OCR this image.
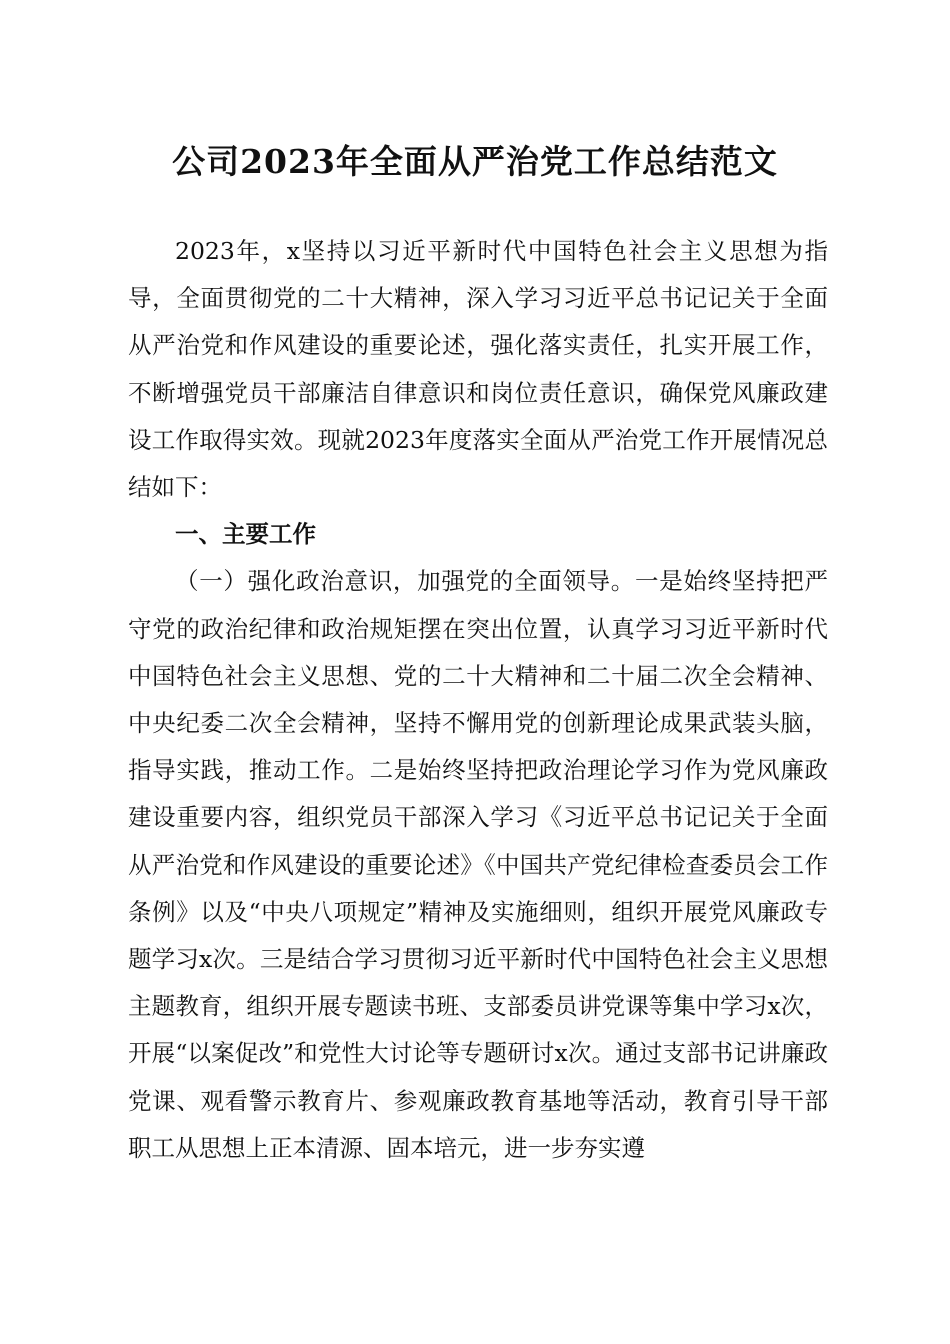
公司2023年全面从严治党工作总结范文

2023年，x坚持以习近平新时代中国特色社会主义思想为指导，全面贯彻党的二十大精神，深入学习习近平总书记记关于全面从严治党和作风建设的重要论述，强化落实责任，扎实开展工作，不断增强党员干部廉洁自律意识和岗位责任意识，确保党风廉政建设工作取得实效。现就2023年度落实全面从严治党工作开展情况总结如下：

一、主要工作

（一）强化政治意识，加强党的全面领导。一是始终坚持把严守党的政治纪律和政治规矩摆在突出位置，认真学习习近平新时代中国特色社会主义思想、党的二十大精神和二十届二次全会精神、中央纪委二次全会精神，坚持不懈用党的创新理论成果武装头脑，指导实践，推动工作。二是始终坚持把政治理论学习作为党风廉政建设重要内容，组织党员干部深入学习《习近平总书记记关于全面从严治党和作风建设的重要论述》《中国共产党纪律检查委员会工作条例》以及“中央八项规定”精神及实施细则，组织开展党风廉政专题学习x次。三是结合学习贯彻习近平新时代中国特色社会主义思想主题教育，组织开展专题读书班、支部委员讲党课等集中学习x次，开展“以案促改”和党性大讨论等专题研讨x次。通过支部书记讲廉政党课、观看警示教育片、参观廉政教育基地等活动，教育引导干部职工从思想上正本清源、固本培元，进一步夯实遵
